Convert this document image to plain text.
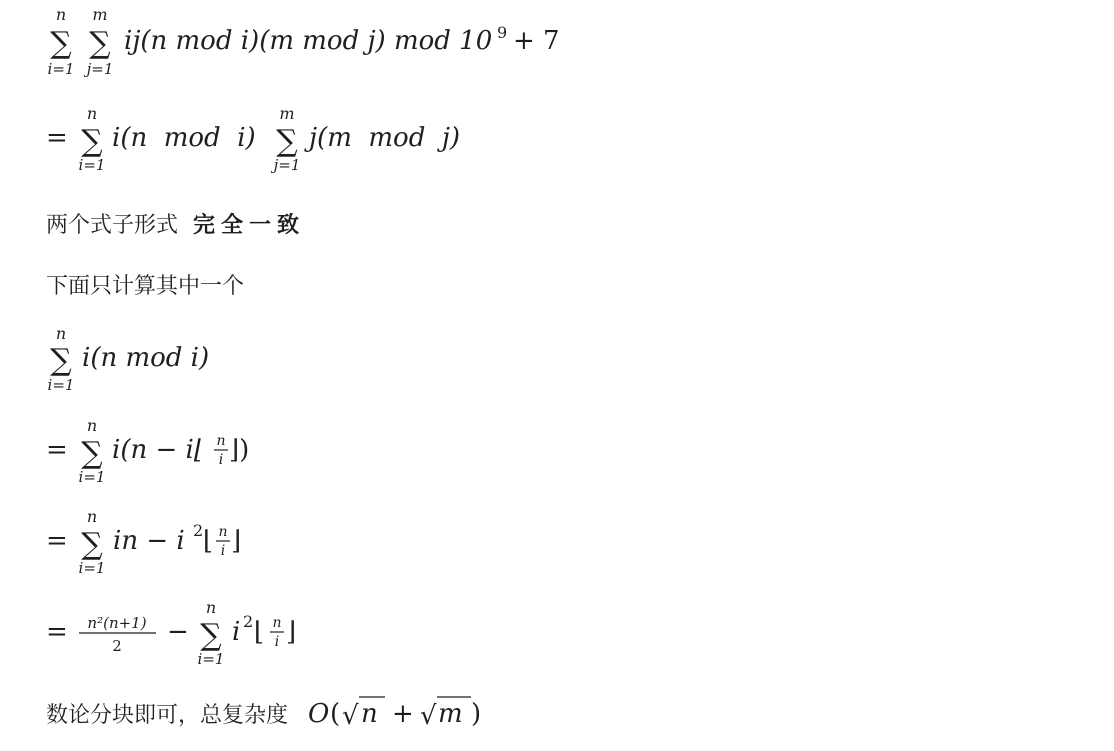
n
∑
i=1
m
∑
j=1
ij(n mod i)(m mod j) mod 10 9 + 7
=
n
∑
i=1
i(n  mod  i)
m
∑
j=1
j(m  mod  j)
两个式子形式 完全一致
下面只计算其中一个
n
∑
i=1
i(n mod i)
=
n
∑
i=1
i(n − i⌊ n
i ⌋)
=
n
∑
i=1
in − i 2 ⌊ n
i ⌋
= n²(n+1)
2 −
n
∑
i=1
i 2 ⌊ n
i ⌋
数论分块即可，总复杂度 O ( √ n + √ m )
